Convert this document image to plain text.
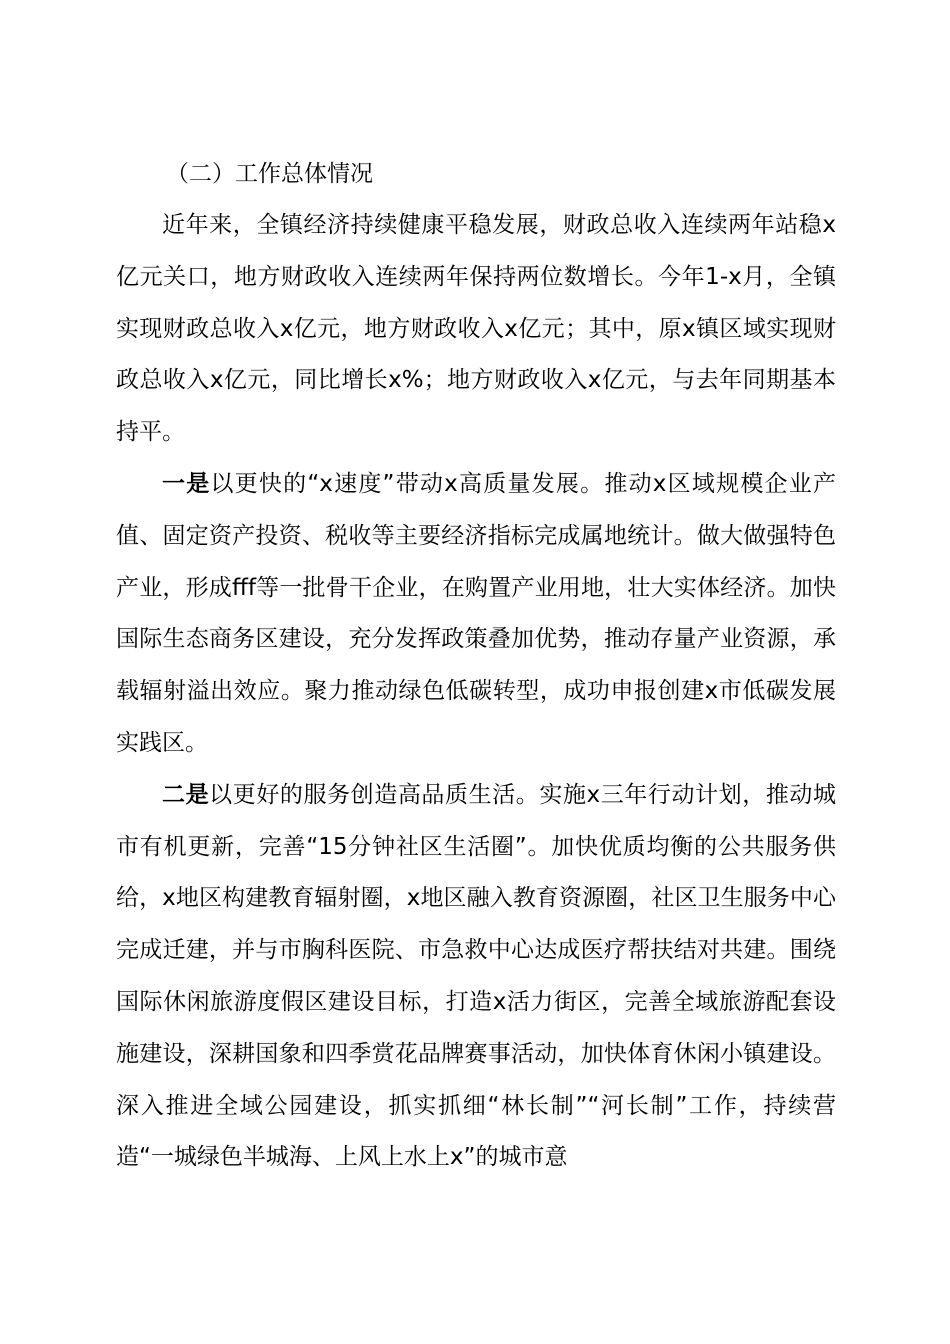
（二）工作总体情况

近年来，全镇经济持续健康平稳发展，财政总收入连续两年站稳x亿元关口，地方财政收入连续两年保持两位数增长。今年1-x月，全镇实现财政总收入x亿元，地方财政收入x亿元；其中，原x镇区域实现财政总收入x亿元，同比增长x%；地方财政收入x亿元，与去年同期基本持平。

一是以更快的“x速度”带动x高质量发展。推动x区域规模企业产值、固定资产投资、税收等主要经济指标完成属地统计。做大做强特色产业，形成fff等一批骨干企业，在购置产业用地，壮大实体经济。加快国际生态商务区建设，充分发挥政策叠加优势，推动存量产业资源，承载辐射溢出效应。聚力推动绿色低碳转型，成功申报创建x市低碳发展实践区。

二是以更好的服务创造高品质生活。实施x三年行动计划，推动城市有机更新，完善“15分钟社区生活圈”。加快优质均衡的公共服务供给，x地区构建教育辐射圈，x地区融入教育资源圈，社区卫生服务中心完成迁建，并与市胸科医院、市急救中心达成医疗帮扶结对共建。围绕国际休闲旅游度假区建设目标，打造x活力街区，完善全域旅游配套设施建设，深耕国象和四季赏花品牌赛事活动，加快体育休闲小镇建设。深入推进全域公园建设，抓实抓细“林长制”“河长制”工作，持续营造“一城绿色半城海、上风上水上x”的城市意
